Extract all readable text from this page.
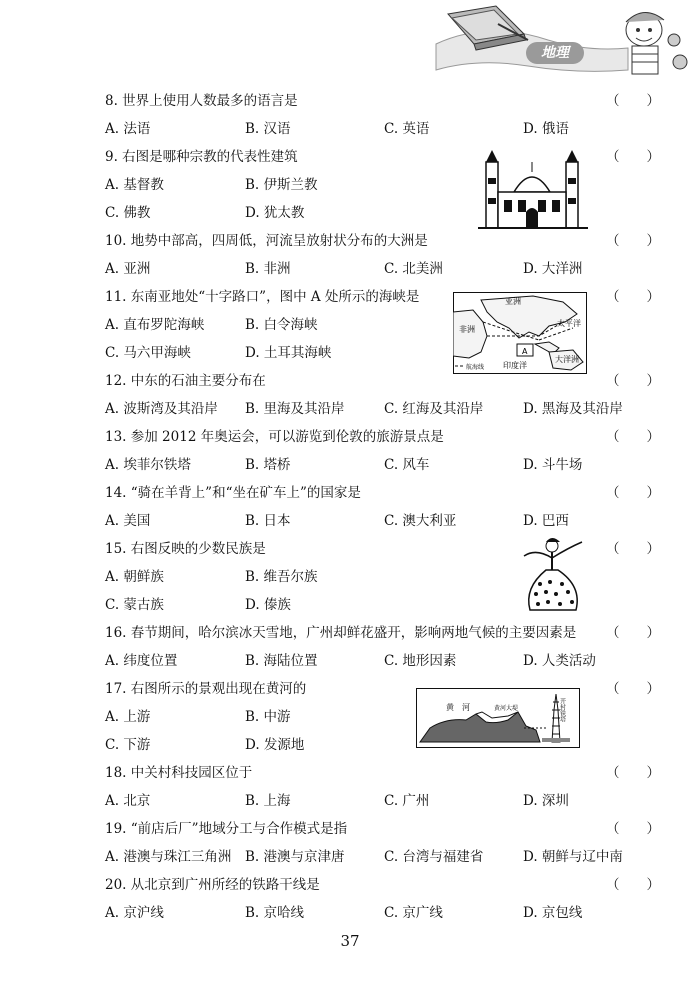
地理
8. 世界上使用人数最多的语言是	（　　）
A. 法语	B. 汉语	C. 英语	D. 俄语
9. 右图是哪种宗教的代表性建筑	（　　）
A. 基督教	B. 伊斯兰教
C. 佛教	D. 犹太教
10. 地势中部高，四周低，河流呈放射状分布的大洲是	（　　）
A. 亚洲	B. 非洲	C. 北美洲	D. 大洋洲
11. 东南亚地处“十字路口”，图中 A 处所示的海峡是	（　　）
A. 直布罗陀海峡	B. 白令海峡
C. 马六甲海峡	D. 土耳其海峡
亚洲
非洲
太平洋
大洋洲
印度洋
A
航海线
12. 中东的石油主要分布在	（　　）
A. 波斯湾及其沿岸 B. 里海及其沿岸	C. 红海及其沿岸	D. 黑海及其沿岸
13. 参加 2012 年奥运会，可以游览到伦敦的旅游景点是	（　　）
A. 埃菲尔铁塔	B. 塔桥	C. 风车	D. 斗牛场
14. “骑在羊背上”和“坐在矿车上”的国家是	（　　）
A. 美国	B. 日本	C. 澳大利亚	D. 巴西
15. 右图反映的少数民族是	（　　）
A. 朝鲜族	B. 维吾尔族
C. 蒙古族	D. 傣族
16. 春节期间，哈尔滨冰天雪地，广州却鲜花盛开，影响两地气候的主要因素是 （　　）
A. 纬度位置	B. 海陆位置	C. 地形因素	D. 人类活动
17. 右图所示的景观出现在黄河的	（　　）
A. 上游	B. 中游
C. 下游	D. 发源地
黄　河	黄河大堤	开封铁塔
18. 中关村科技园区位于	（　　）
A. 北京	B. 上海	C. 广州	D. 深圳
19. “前店后厂”地域分工与合作模式是指	（　　）
A. 港澳与珠江三角洲 B. 港澳与京津唐	C. 台湾与福建省	D. 朝鲜与辽中南
20. 从北京到广州所经的铁路干线是	（　　）
A. 京沪线	B. 京哈线	C. 京广线	D. 京包线
37
